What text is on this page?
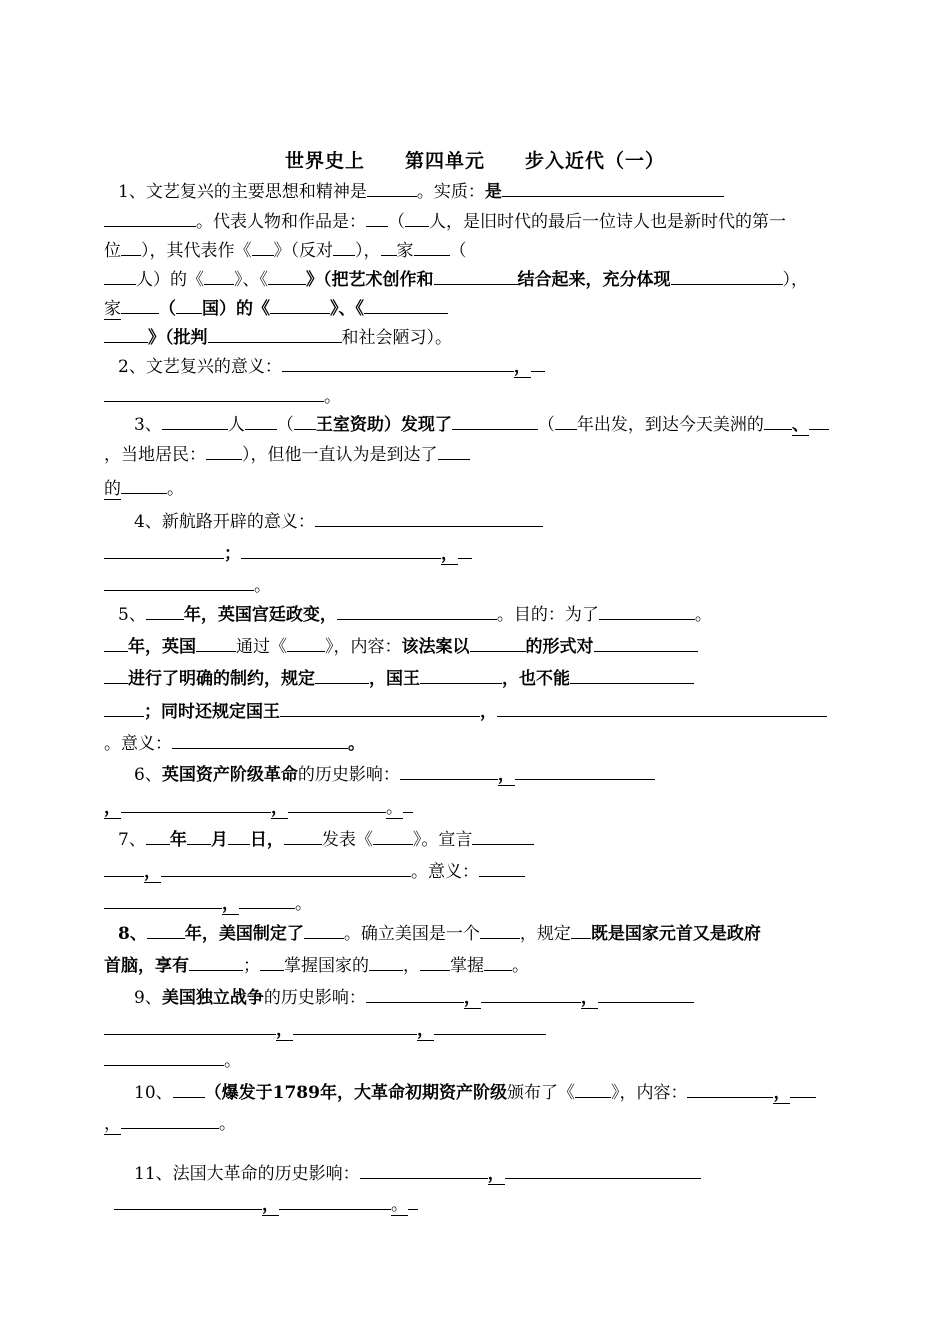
世界史上　　第四单元　　步入近代（一）
1、文艺复兴的主要思想和精神是	。实质：是
。代表人物和作品是： （ 人，是旧时代的最后一位诗人也是新时代的第一
位 ），其代表作《 》（反对 ）， 家 （
人）的《 》、《 》（把艺术创作和	结合起来，充分体现	），
家 （ 国）的《	》、《
》（批判	和社会陋习）。
2、文艺复兴的意义：	，
。
3、	人 （ 王室资助）发现了	（ 年出发，到达今天美洲的 、
，当地居民： ），但他一直认为是到达了
的	。
4、新航路开辟的意义：
；	，
。
5、 年，英国宫廷政变，	。目的：为了	。
年，英国 通过《 》，内容：该法案以	的形式对
进行了明确的制约，规定	，国王	，也不能
；同时还规定国王	，
。意义：	。
6、英国资产阶级革命的历史影响：	，
，	，	。
7、 年 月 日， 发表《 》。宣言
，	。意义：
，	。
8、 年，美国制定了 。确立美国是一个 ，规定 既是国家元首又是政府
首脑，享有	； 掌握国家的 ， 掌握 。
9、美国独立战争的历史影响：	，	，
，	，
。
10、 （爆发于1789年，大革命初期资产阶级颁布了《 》，内容：	，
，	。
11、法国大革命的历史影响：	，
，	。
